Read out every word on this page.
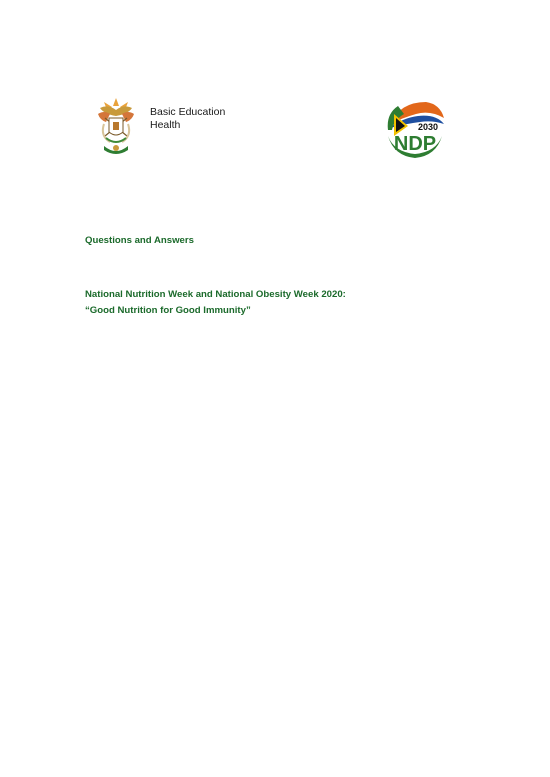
Basic Education
Health	2030
NDP

Questions and Answers

National Nutrition Week and National Obesity Week 2020:

“Good Nutrition for Good Immunity”
